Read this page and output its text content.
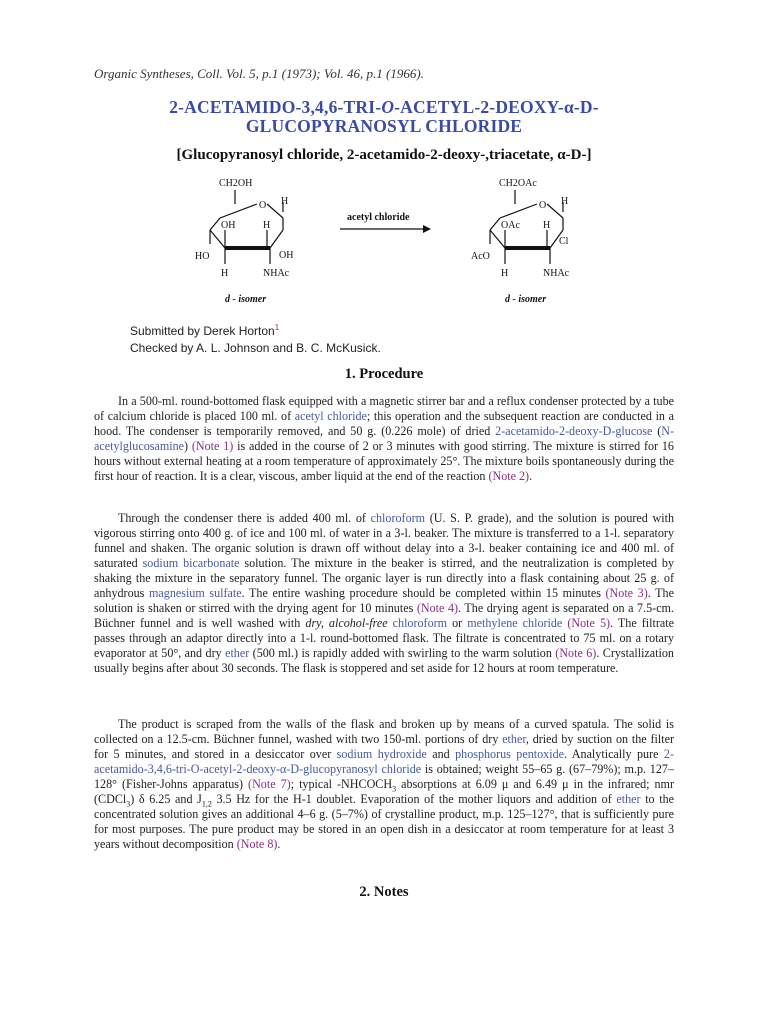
Organic Syntheses, Coll. Vol. 5, p.1 (1973); Vol. 46, p.1 (1966).
2-ACETAMIDO-3,4,6-TRI-O-ACETYL-2-DEOXY-α-D-
GLUCOPYRANOSYL CHLORIDE
[Glucopyranosyl chloride, 2-acetamido-2-deoxy-,triacetate, α-D-]
CH2OH
O H
OH	H
HO	OH
H	NHAc
d - isomer
acetyl chloride
CH2OAc
O H
OAc H
AcO
Cl
H	NHAc
d - isomer
Submitted by Derek Horton$^1$
Checked by A. L. Johnson and B. C. McKusick.
1. Procedure
In a 500-ml. round-bottomed flask equipped with a magnetic stirrer bar and a reflux condenser protected by a tube of calcium chloride is placed 100 ml. of acetyl chloride; this operation and the subsequent reaction are conducted in a hood. The condenser is temporarily removed, and 50 g. (0.226 mole) of dried 2-acetamido-2-deoxy-D-glucose (N-acetylglucosamine) (Note 1) is added in the course of 2 or 3 minutes with good stirring. The mixture is stirred for 16 hours without external heating at a room temperature of approximately 25°. The mixture boils spontaneously during the first hour of reaction. It is a clear, viscous, amber liquid at the end of the reaction (Note 2).
Through the condenser there is added 400 ml. of chloroform (U. S. P. grade), and the solution is poured with vigorous stirring onto 400 g. of ice and 100 ml. of water in a 3-l. beaker. The mixture is transferred to a 1-l. separatory funnel and shaken. The organic solution is drawn off without delay into a 3-l. beaker containing ice and 400 ml. of saturated sodium bicarbonate solution. The mixture in the beaker is stirred, and the neutralization is completed by shaking the mixture in the separatory funnel. The organic layer is run directly into a flask containing about 25 g. of anhydrous magnesium sulfate. The entire washing procedure should be completed within 15 minutes (Note 3). The solution is shaken or stirred with the drying agent for 10 minutes (Note 4). The drying agent is separated on a 7.5-cm. Büchner funnel and is well washed with dry, alcohol-free chloroform or methylene chloride (Note 5). The filtrate passes through an adaptor directly into a 1-l. round-bottomed flask. The filtrate is concentrated to 75 ml. on a rotary evaporator at 50°, and dry ether (500 ml.) is rapidly added with swirling to the warm solution (Note 6). Crystallization usually begins after about 30 seconds. The flask is stoppered and set aside for 12 hours at room temperature.
The product is scraped from the walls of the flask and broken up by means of a curved spatula. The solid is collected on a 12.5-cm. Büchner funnel, washed with two 150-ml. portions of dry ether, dried by suction on the filter for 5 minutes, and stored in a desiccator over sodium hydroxide and phosphorus pentoxide. Analytically pure 2-acetamido-3,4,6-tri-O-acetyl-2-deoxy-α-D-glucopyranosyl chloride is obtained; weight 55–65 g. (67–79%); m.p. 127–128° (Fisher-Johns apparatus) (Note 7); typical $-NHCOCH_3$ absorptions at 6.09 μ and 6.49 μ in the infrared; nmr (CDCl$_3$) δ 6.25 and $J_{1,2}$ 3.5 Hz for the H-1 doublet. Evaporation of the mother liquors and addition of ether to the concentrated solution gives an additional 4–6 g. (5–7%) of crystalline product, m.p. 125–127°, that is sufficiently pure for most purposes. The pure product may be stored in an open dish in a desiccator at room temperature for at least 3 years without decomposition (Note 8).
2. Notes
